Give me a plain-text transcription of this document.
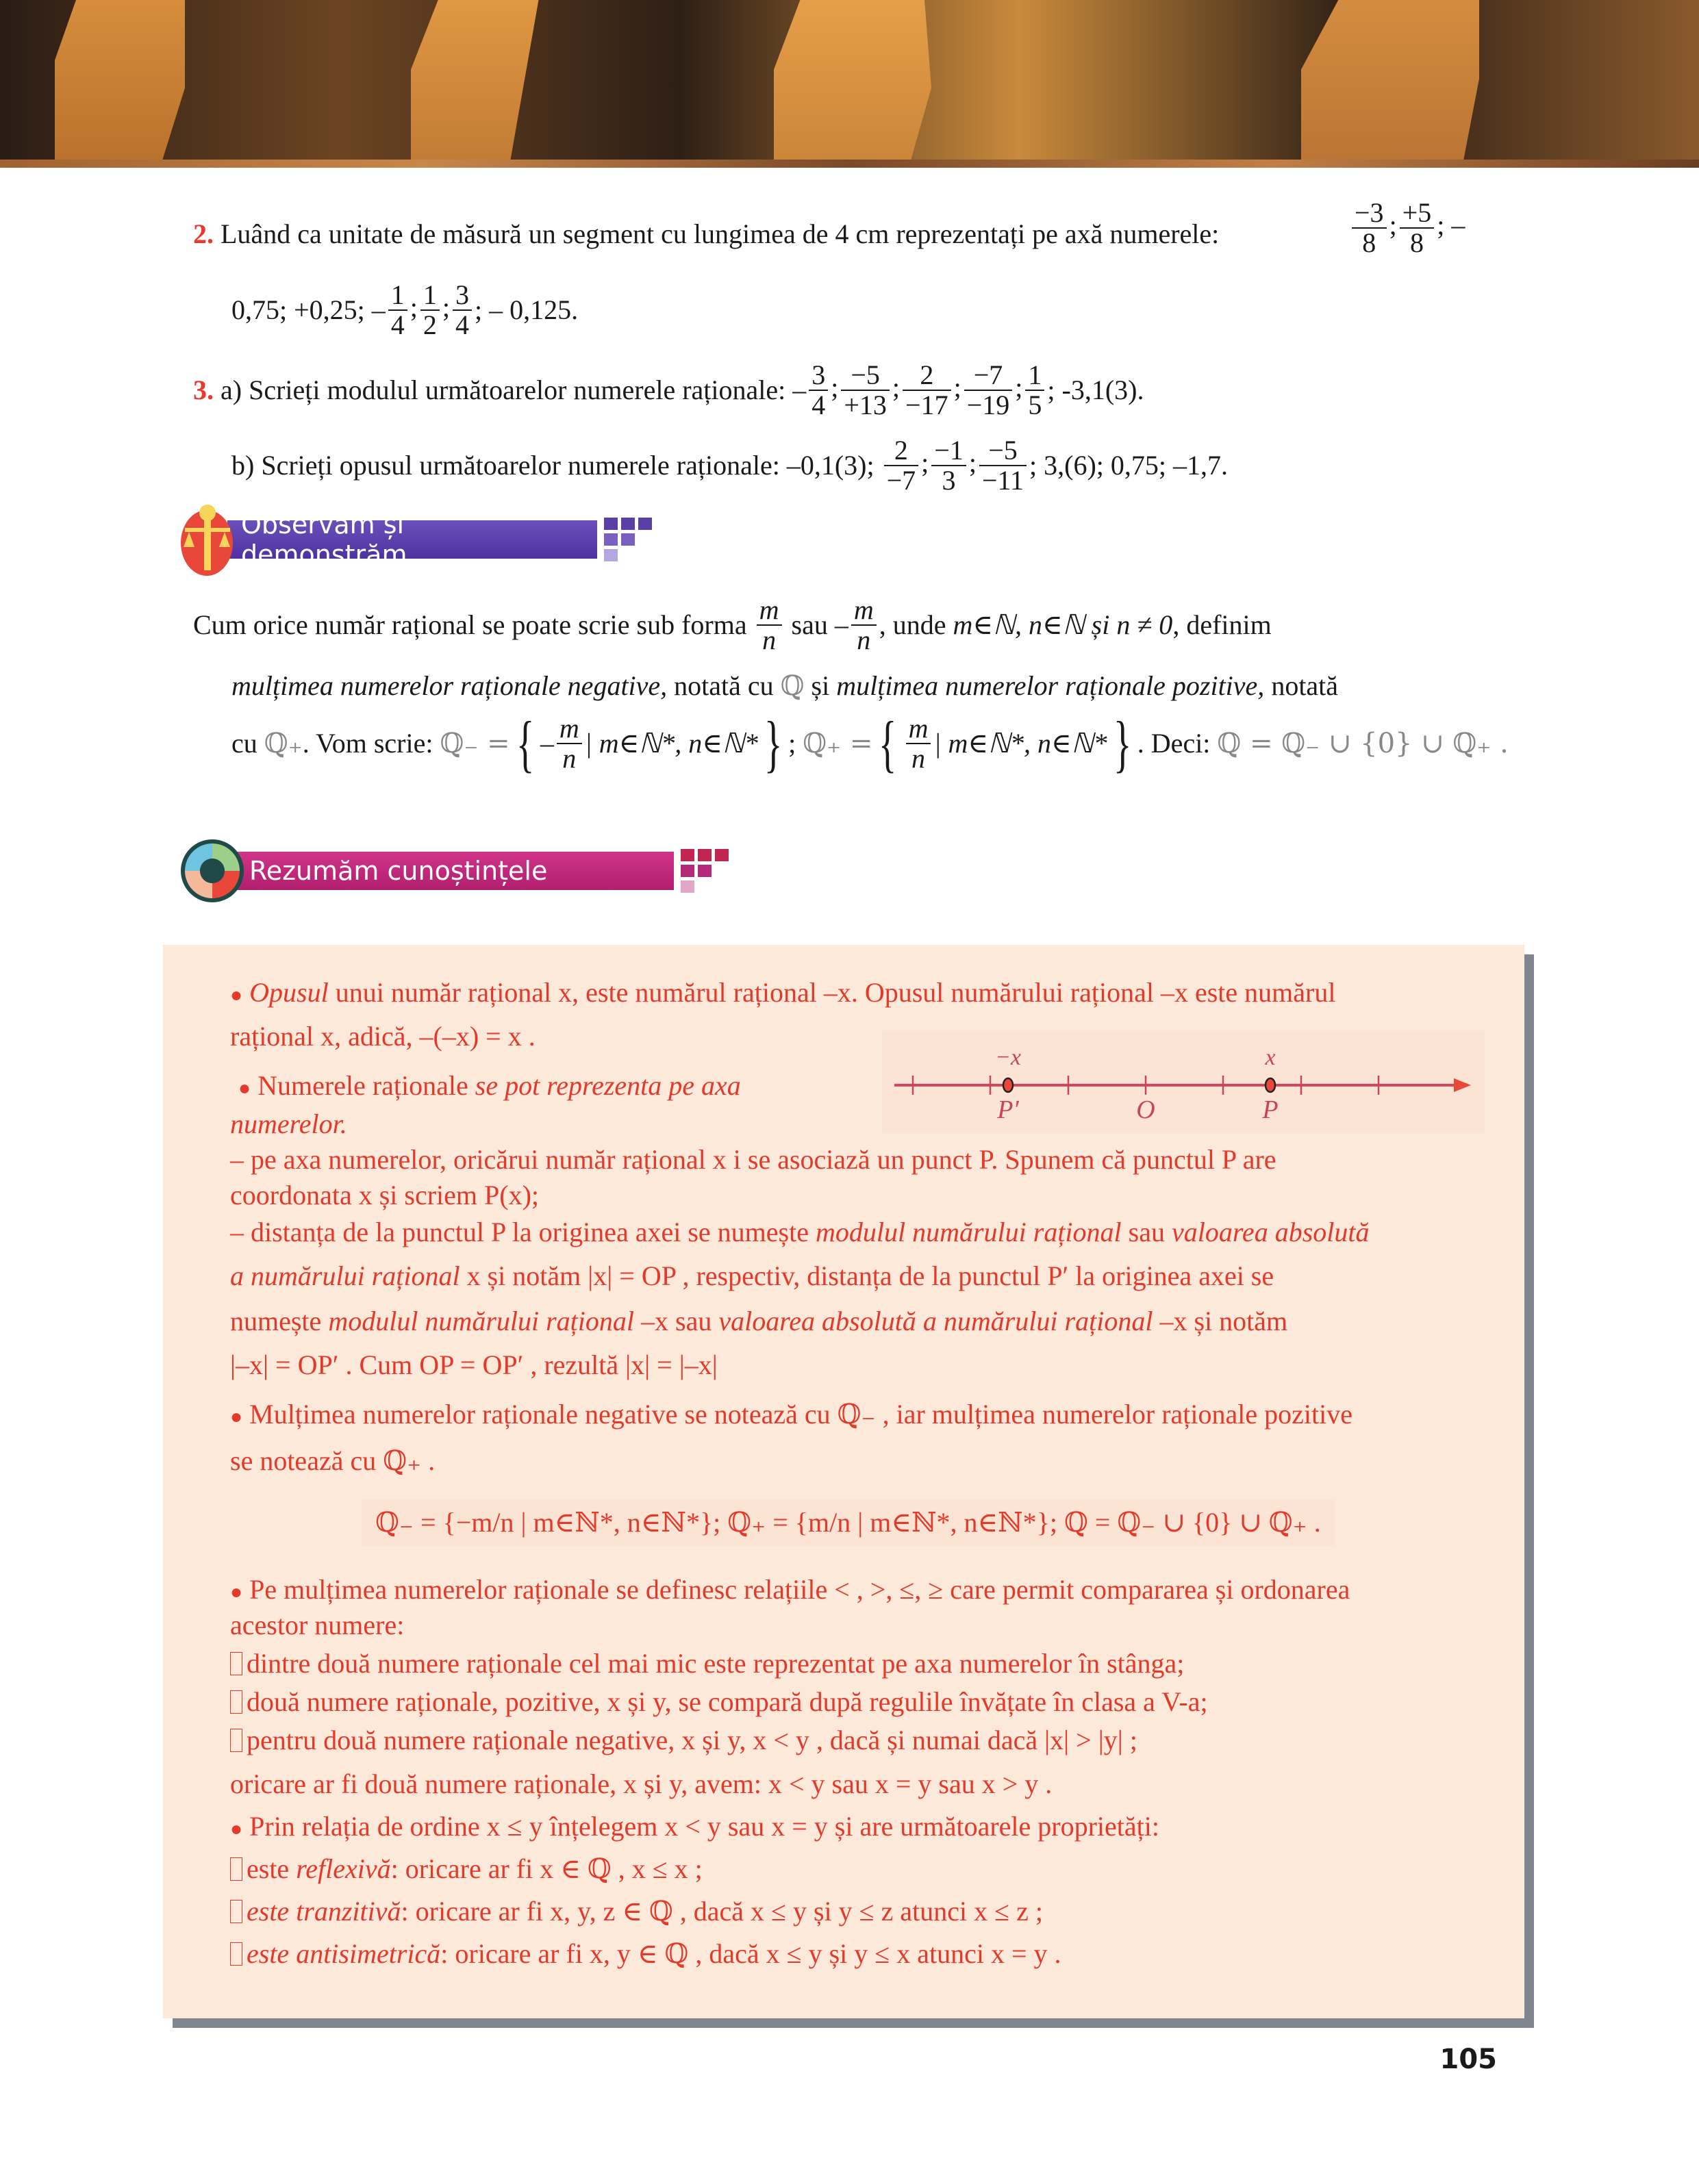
2. Luând ca unitate de măsură un segment cu lungimea de 4 cm reprezentați pe axă numerele:	$\frac{-3}{8}$ ; $\frac{+5}{8}$ ; –
0,75; +0,25; – $\frac{1}{4}$ ; $\frac{1}{2}$ ; $\frac{3}{4}$ ; – 0,125.
3. a) Scrieți modulul următoarelor numerele raționale: – $\frac{3}{4}$ ; $\frac{-5}{+13}$ ; $\frac{2}{-17}$ ; $\frac{-7}{-19}$ ; $\frac{1}{5}$ ; -3,1(3).
b) Scrieți opusul următoarelor numerele raționale: –0,1(3); $\frac{2}{-7}$ ; $\frac{-1}{3}$ ; $\frac{-5}{-11}$ ; 3,(6); 0,75; –1,7.
Observăm și demonstrăm
Cum orice număr rațional se poate scrie sub forma $\frac{m}{n}$ sau – $\frac{m}{n}$ , unde m∈ℕ, n∈ℕ și n ≠ 0, definim
mulțimea numerelor raționale negative, notată cu ℚ și mulțimea numerelor raționale pozitive, notată
cu ℚ₊. Vom scrie: ℚ₋ ={ – $\frac{m}{n}$ | m∈ℕ*, n∈ℕ*} ; ℚ₊ ={ $\frac{m}{n}$ | m∈ℕ*, n∈ℕ*} . Deci: ℚ = ℚ₋ ∪ {0} ∪ ℚ₊ .
Rezumăm cunoștințele
● Opusul unui număr rațional x, este numărul rațional –x. Opusul numărului rațional –x este numărul
rațional x, adică, –(–x) = x .
● Numerele raționale se pot reprezenta pe axa
numerelor.
−x	x
P′	O	P
– pe axa numerelor, oricărui număr rațional x i se asociază un punct P. Spunem că punctul P are
coordonata x și scriem P(x);
– distanța de la punctul P la originea axei se numește modulul numărului rațional sau valoarea absolută
a numărului rațional x și notăm |x| = OP , respectiv, distanța de la punctul P′ la originea axei se
numește modulul numărului rațional –x sau valoarea absolută a numărului rațional –x și notăm
|–x| = OP′ . Cum OP = OP′ , rezultă |x| = |–x|
● Mulțimea numerelor raționale negative se notează cu ℚ₋ , iar mulțimea numerelor raționale pozitive
se notează cu ℚ₊ .
ℚ₋ = {−m/n | m∈ℕ*, n∈ℕ*}; ℚ₊ = {m/n | m∈ℕ*, n∈ℕ*}; ℚ = ℚ₋ ∪ {0} ∪ ℚ₊ .
● Pe mulțimea numerelor raționale se definesc relațiile < , >, ≤, ≥ care permit compararea și ordonarea
acestor numere:
dintre două numere raționale cel mai mic este reprezentat pe axa numerelor în stânga;
două numere raționale, pozitive, x și y, se compară după regulile învățate în clasa a V-a;
pentru două numere raționale negative, x și y, x < y , dacă și numai dacă |x| > |y| ;
oricare ar fi două numere raționale, x și y, avem: x < y sau x = y sau x > y .
● Prin relația de ordine x ≤ y înțelegem x < y sau x = y și are următoarele proprietăți:
este reflexivă: oricare ar fi x ∈ ℚ , x ≤ x ;
este tranzitivă: oricare ar fi x, y, z ∈ ℚ , dacă x ≤ y și y ≤ z atunci x ≤ z ;
este antisimetrică: oricare ar fi x, y ∈ ℚ , dacă x ≤ y și y ≤ x atunci x = y .
105
